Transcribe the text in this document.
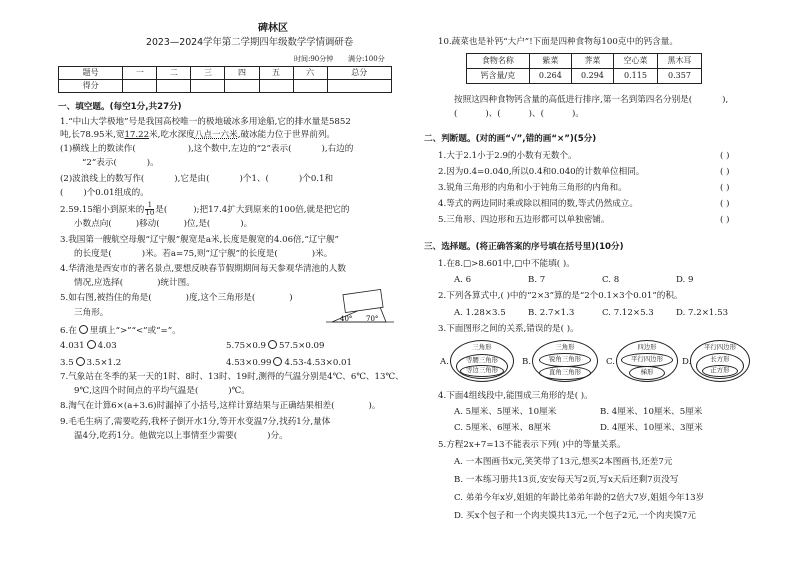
碑林区
2023—2024学年第二学期四年级数学学情调研卷
时间:90分钟 满分:100分
题号	一	二	三	四	五	六	总分
得分							
一、填空题。(每空1分,共27分)
1.“中山大学极地”号是我国高校唯一的极地破冰多用途船,它的排水量是5852
吨,长78.95米,宽17.22米,吃水深度八点一六米,破冰能力位于世界前列。
(1)横线上的数读作(	),这个数中,左边的“2”表示(	),右边的
“2”表示(	)。
(2)波浪线上的数写作(	),它是由(	)个1、(	)个0.1和
( )个0.01组成的。
2.59.15缩小到原来的 $\frac{1}{10}$ 是(	);把17.4扩大到原来的100倍,就是把它的
小数点向(	)移动(	)位,是(	)。
3.我国第一艘航空母舰“辽宁舰”舰宽是a米,长度是舰宽的4.06倍,“辽宁舰”
的长度是(	)米。若a=75,则“辽宁舰”的长度是(	)米。
4.华清池是西安市的著名景点,要想反映春节假期期间每天参观华清池的人数
情况,应选择(	)统计图。
5.如右图,被挡住的角是(	)度,这个三角形是(	)
三角形。
40° 70°
6.在 里填上“>”“<”或“=”。
4.031 4.03	5.75×0.9 57.5×0.09
3.5 3.5×1.2	4.53×0.99 4.53-4.53×0.01
7.气象站在冬季的某一天的1时、8时、13时、19时,测得的气温分别是4℃、6℃、13℃、
9℃,这四个时间点的平均气温是(	)℃。
8.淘气在计算6×(a+3.6)时漏掉了小括号,这样计算结果与正确结果相差(	)。
9.毛毛生病了,需要吃药,我杯子倒开水1分,等开水变温7分,找药1分,量体
温4分,吃药1分。他做完以上事情至少需要(	)分。
10.蔬菜也是补钙“大户”!下面是四种食物每100克中的钙含量。
食物名称	紫菜	荠菜	空心菜	黑木耳
钙含量/克	0.264	0.294	0.115	0.357
按照这四种食物钙含量的高低进行排序,第一名到第四名分别是(	),
(	)、(	)、(	)。
二、判断题。(对的画“√”,错的画“×”)(5分)
1.大于2.1小于2.9的小数有无数个。	( )
2.因为0.4=0.040,所以0.4和0.040的计数单位相同。	( )
3.锐角三角形的内角和小于钝角三角形的内角和。	( )
4.等式的两边同时乘或除以相同的数,等式仍然成立。	( )
5.三角形、四边形和五边形都可以单独密铺。	( )
三、选择题。(将正确答案的序号填在括号里)(10分)
1.在8.□>8.601中,□中不能填( )。
A. 6	B. 7	C. 8	D. 9
2.下列各算式中,( )中的“2×3”算的是“2个0.1×3个0.01”的积。
A. 1.28×3.5	B. 2.7×1.3	C. 7.12×5.3	D. 7.2×1.53
3.下面图形之间的关系,错误的是( )。
A.
三角形
等腰三角形
等边三角形
B.
三角形
锐角三角形
直角三角形
C.
四边形
平行四边形
梯形
D.
平行四边形
长方形
正方形
4.下面4组线段中,能围成三角形的是( )。
A. 5厘米、5厘米、10厘米	B. 4厘米、10厘米、5厘米
C. 5厘米、6厘米、8厘米	D. 4厘米、10厘米、3厘米
5.方程2x+7=13不能表示下列( )中的等量关系。
A. 一本图画书x元,笑笑带了13元,想买2本图画书,还差7元
B. 一本练习册共13页,安安每天写2页,写x天后还剩7页没写
C. 弟弟今年x岁,姐姐的年龄比弟弟年龄的2倍大7岁,姐姐今年13岁
D. 买x个包子和一个肉夹馍共13元,一个包子2元,一个肉夹馍7元
